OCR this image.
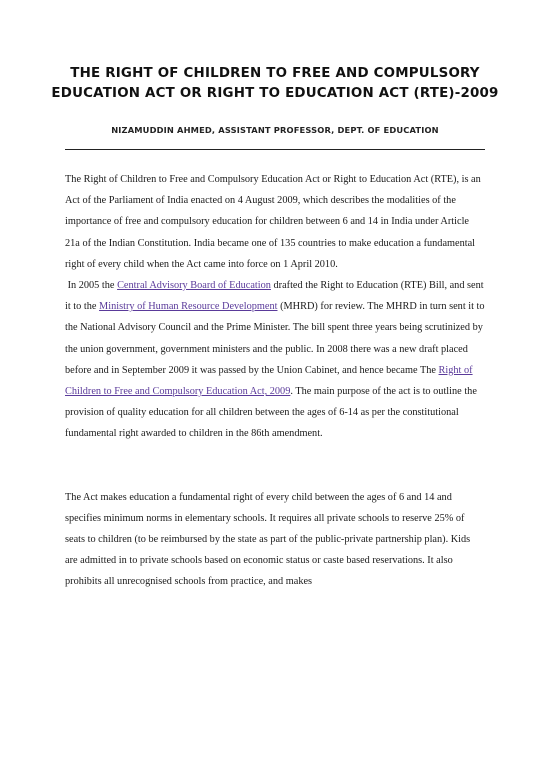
THE RIGHT OF CHILDREN TO FREE AND COMPULSORY EDUCATION ACT OR RIGHT TO EDUCATION ACT (RTE)-2009
NIZAMUDDIN AHMED, ASSISTANT PROFESSOR, DEPT. OF EDUCATION

The Right of Children to Free and Compulsory Education Act or Right to Education Act (RTE), is an Act of the Parliament of India enacted on 4 August 2009, which describes the modalities of the importance of free and compulsory education for children between 6 and 14 in India under Article 21a of the Indian Constitution. India became one of 135 countries to make education a fundamental right of every child when the Act came into force on 1 April 2010.

In 2005 the Central Advisory Board of Education drafted the Right to Education (RTE) Bill, and sent it to the Ministry of Human Resource Development (MHRD) for review. The MHRD in turn sent it to the National Advisory Council and the Prime Minister. The bill spent three years being scrutinized by the union government, government ministers and the public. In 2008 there was a new draft placed before and in September 2009 it was passed by the Union Cabinet, and hence became The Right of Children to Free and Compulsory Education Act, 2009. The main purpose of the act is to outline the provision of quality education for all children between the ages of 6-14 as per the constitutional fundamental right awarded to children in the 86th amendment.

The Act makes education a fundamental right of every child between the ages of 6 and 14 and specifies minimum norms in elementary schools. It requires all private schools to reserve 25% of seats to children (to be reimbursed by the state as part of the public-private partnership plan). Kids are admitted in to private schools based on economic status or caste based reservations. It also prohibits all unrecognised schools from practice, and makes
